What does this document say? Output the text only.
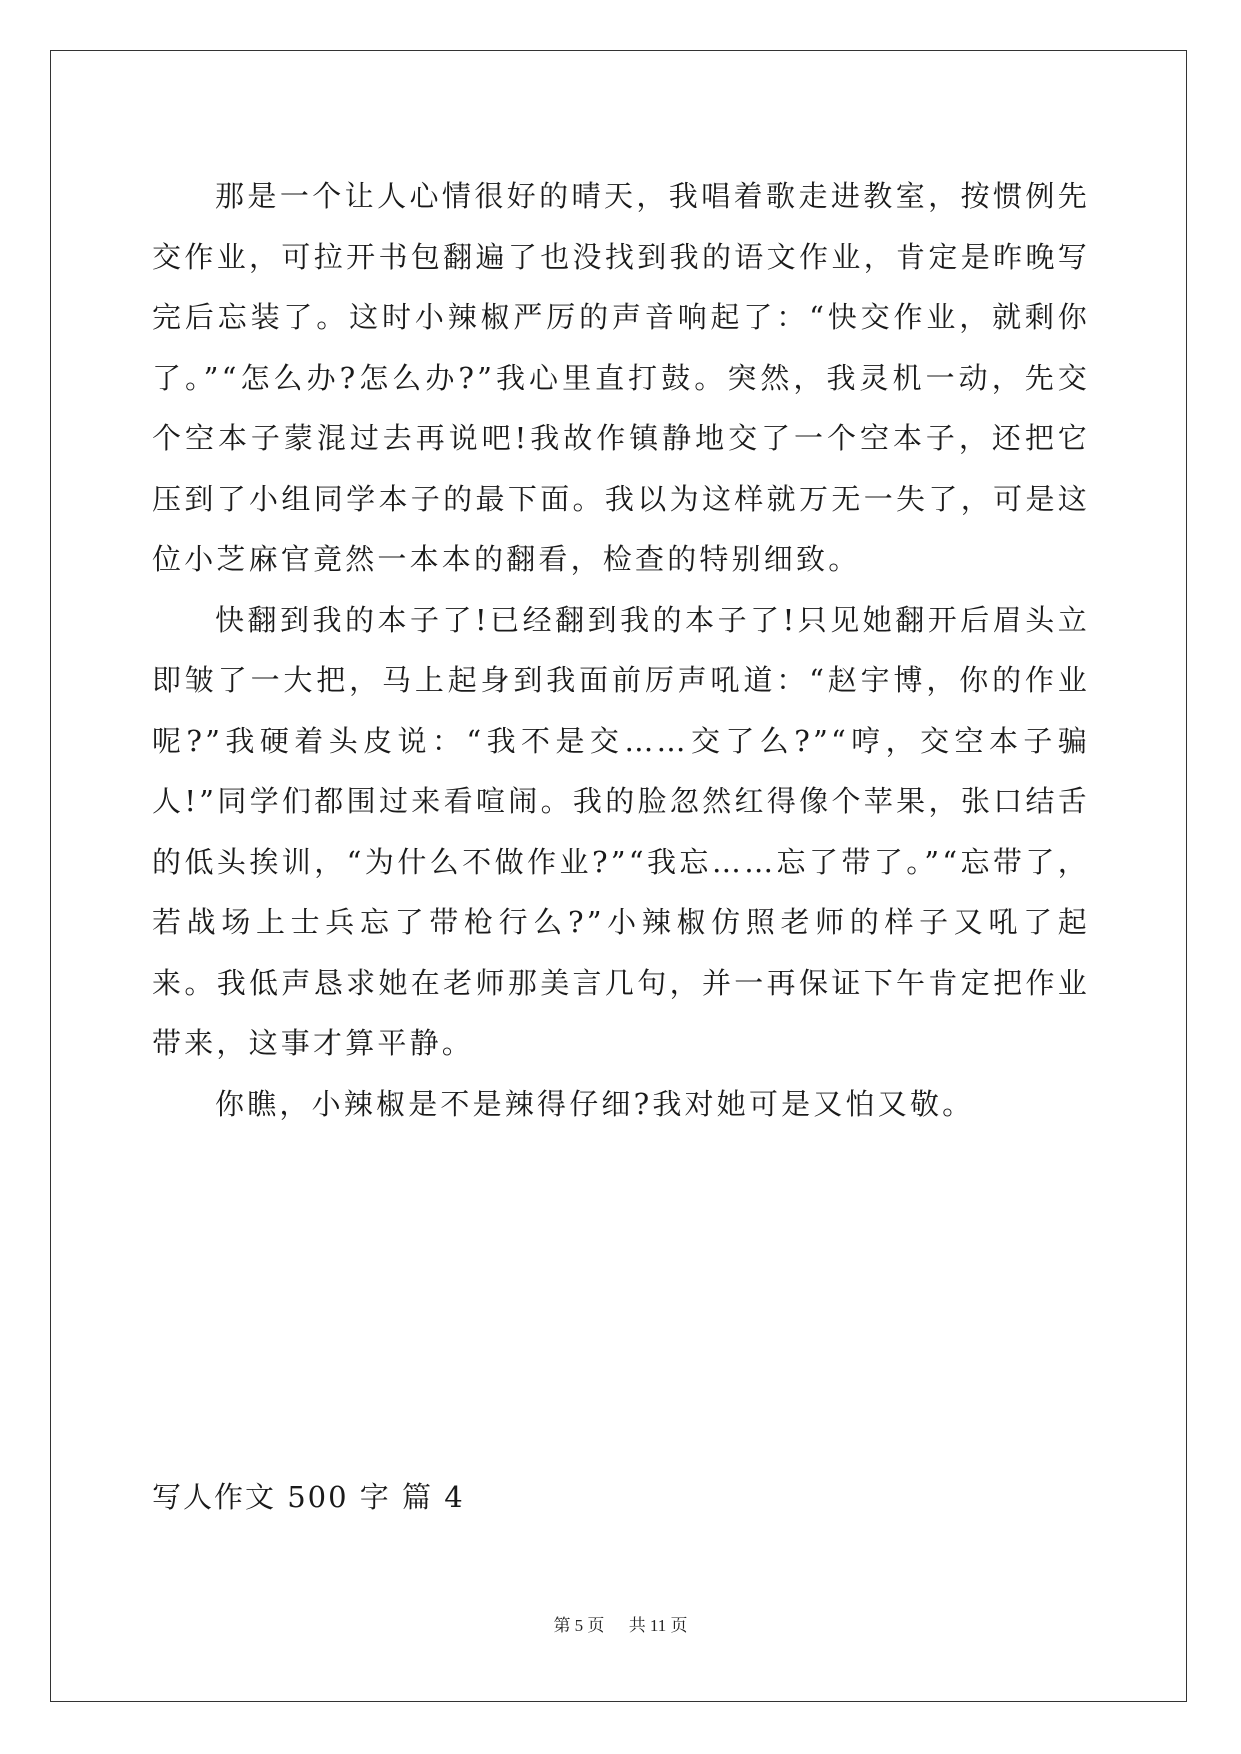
那是一个让人心情很好的晴天，我唱着歌走进教室，按惯例先交作业，可拉开书包翻遍了也没找到我的语文作业，肯定是昨晚写完后忘装了。这时小辣椒严厉的声音响起了：“快交作业，就剩你了。”“怎么办?怎么办?”我心里直打鼓。突然，我灵机一动，先交个空本子蒙混过去再说吧!我故作镇静地交了一个空本子，还把它压到了小组同学本子的最下面。我以为这样就万无一失了，可是这位小芝麻官竟然一本本的翻看，检查的特别细致。

快翻到我的本子了!已经翻到我的本子了!只见她翻开后眉头立即皱了一大把，马上起身到我面前厉声吼道：“赵宇博，你的作业呢?”我硬着头皮说：“我不是交……交了么?”“哼，交空本子骗人!”同学们都围过来看喧闹。我的脸忽然红得像个苹果，张口结舌的低头挨训，“为什么不做作业?”“我忘……忘了带了。”“忘带了，若战场上士兵忘了带枪行么?”小辣椒仿照老师的样子又吼了起来。我低声恳求她在老师那美言几句，并一再保证下午肯定把作业带来，这事才算平静。

你瞧，小辣椒是不是辣得仔细?我对她可是又怕又敬。

写人作文 500 字 篇 4
第 5 页 共 11 页
